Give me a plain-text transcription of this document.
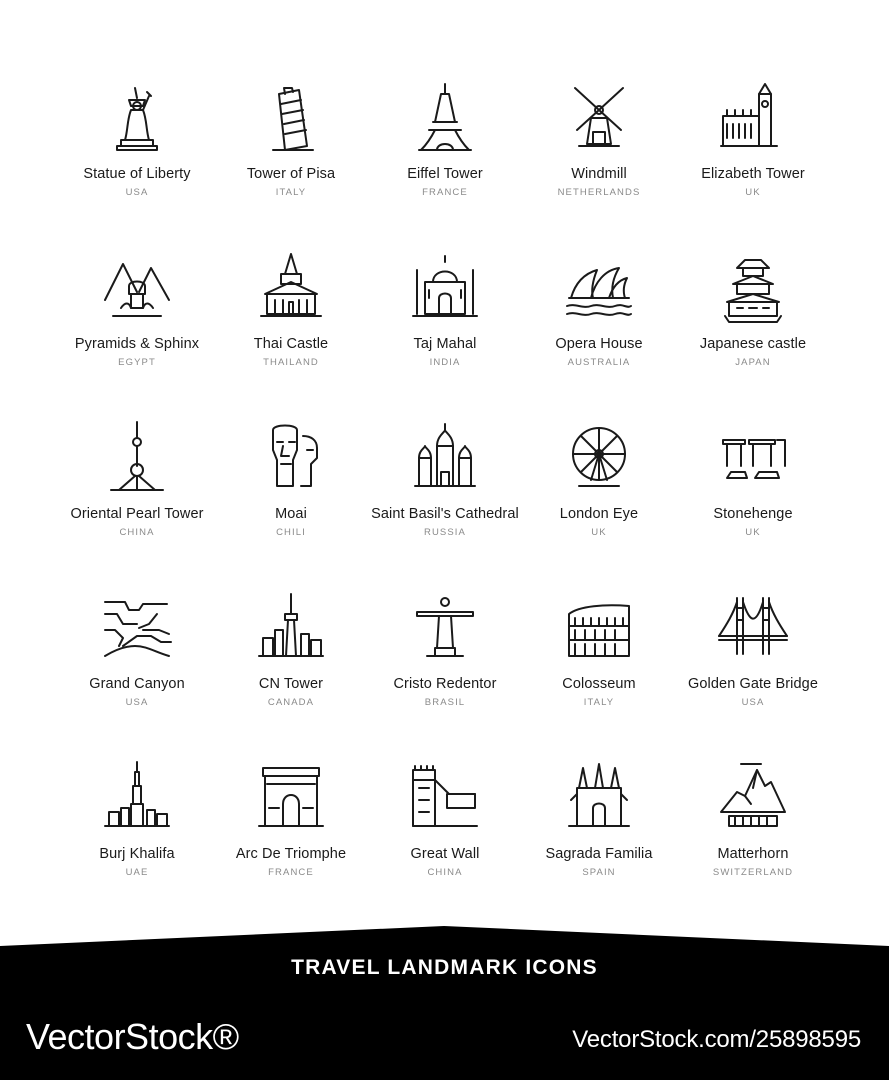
Statue of Liberty
USA
Tower of Pisa
ITALY
Eiffel Tower
FRANCE
Windmill
NETHERLANDS
Elizabeth Tower
UK
Pyramids & Sphinx
EGYPT
Thai Castle
THAILAND
Taj Mahal
INDIA
Opera House
AUSTRALIA
Japanese castle
JAPAN
Oriental Pearl Tower
CHINA
Moai
CHILI
Saint Basil's Cathedral
RUSSIA
London Eye
UK
Stonehenge
UK
Grand Canyon
USA
CN Tower
CANADA
Cristo Redentor
BRASIL
Colosseum
ITALY
Golden Gate Bridge
USA
Burj Khalifa
UAE
Arc De Triomphe
FRANCE
Great Wall
CHINA
Sagrada Familia
SPAIN
Matterhorn
SWITZERLAND
TRAVEL LANDMARK ICONS
VectorStock®	VectorStock.com/25898595
